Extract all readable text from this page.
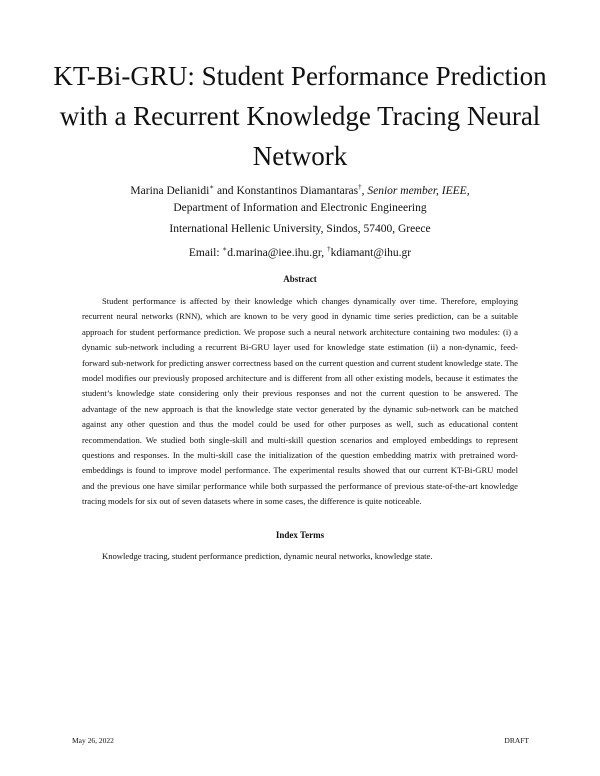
KT-Bi-GRU: Student Performance Prediction with a Recurrent Knowledge Tracing Neural Network
Marina Delianidi∗ and Konstantinos Diamantaras†, Senior member, IEEE,
Department of Information and Electronic Engineering
International Hellenic University, Sindos, 57400, Greece
Email: ∗d.marina@iee.ihu.gr, †kdiamant@ihu.gr
Abstract

Student performance is affected by their knowledge which changes dynamically over time. Therefore, employing recurrent neural networks (RNN), which are known to be very good in dynamic time series prediction, can be a suitable approach for student performance prediction. We propose such a neural network architecture containing two modules: (i) a dynamic sub-network including a recurrent Bi-GRU layer used for knowledge state estimation (ii) a non-dynamic, feed-forward sub-network for predicting answer correctness based on the current question and current student knowledge state. The model modifies our previously proposed architecture and is different from all other existing models, because it estimates the student’s knowledge state considering only their previous responses and not the current question to be answered. The advantage of the new approach is that the knowledge state vector generated by the dynamic sub-network can be matched against any other question and thus the model could be used for other purposes as well, such as educational content recommendation. We studied both single-skill and multi-skill question scenarios and employed embeddings to represent questions and responses. In the multi-skill case the initialization of the question embedding matrix with pretrained word-embeddings is found to improve model performance. The experimental results showed that our current KT-Bi-GRU model and the previous one have similar performance while both surpassed the performance of previous state-of-the-art knowledge tracing models for six out of seven datasets where in some cases, the difference is quite noticeable.

Index Terms

Knowledge tracing, student performance prediction, dynamic neural networks, knowledge state.

May 26, 2022	DRAFT
